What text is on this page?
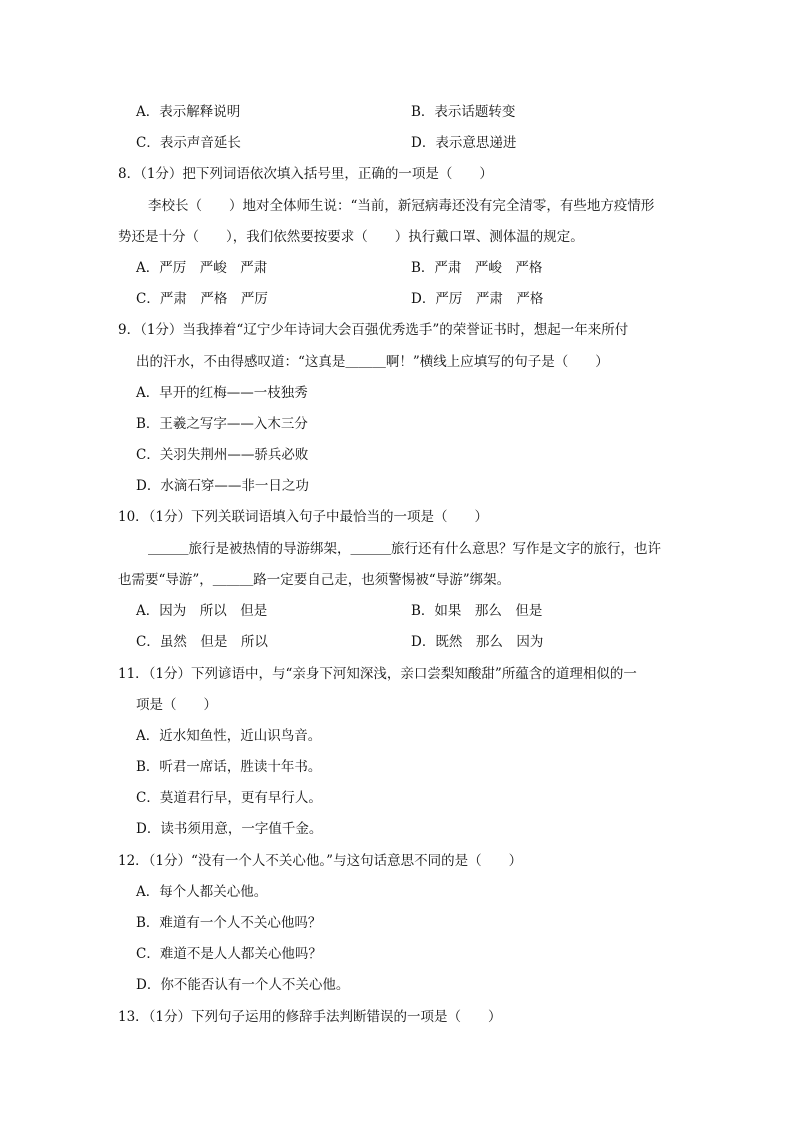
A．表示解释说明	B．表示话题转变
C．表示声音延长	D．表示意思递进
8．（1分）把下列词语依次填入括号里，正确的一项是（　　）
李校长（　　）地对全体师生说：“当前，新冠病毒还没有完全清零，有些地方疫情形
势还是十分（　　），我们依然要按要求（　　）执行戴口罩、测体温的规定。
A．严厉　严峻　严肃	B．严肃　严峻　严格
C．严肃　严格　严厉	D．严厉　严肃　严格
9．（1分）当我捧着“辽宁少年诗词大会百强优秀选手”的荣誉证书时，想起一年来所付
出的汗水，不由得感叹道：“这真是＿＿＿啊！”横线上应填写的句子是（　　）
A．早开的红梅——一枝独秀
B．王羲之写字——入木三分
C．关羽失荆州——骄兵必败
D．水滴石穿——非一日之功
10．（1分）下列关联词语填入句子中最恰当的一项是（　　）
＿＿＿旅行是被热情的导游绑架，＿＿＿旅行还有什么意思？写作是文字的旅行，也许
也需要“导游”，＿＿＿路一定要自己走，也须警惕被“导游”绑架。
A．因为　所以　但是	B．如果　那么　但是
C．虽然　但是　所以	D．既然　那么　因为
11．（1分）下列谚语中，与“亲身下河知深浅，亲口尝梨知酸甜”所蕴含的道理相似的一
项是（　　）
A．近水知鱼性，近山识鸟音。
B．听君一席话，胜读十年书。
C．莫道君行早，更有早行人。
D．读书须用意，一字值千金。
12．（1分）“没有一个人不关心他。”与这句话意思不同的是（　　）
A．每个人都关心他。
B．难道有一个人不关心他吗？
C．难道不是人人都关心他吗？
D．你不能否认有一个人不关心他。
13．（1分）下列句子运用的修辞手法判断错误的一项是（　　）
